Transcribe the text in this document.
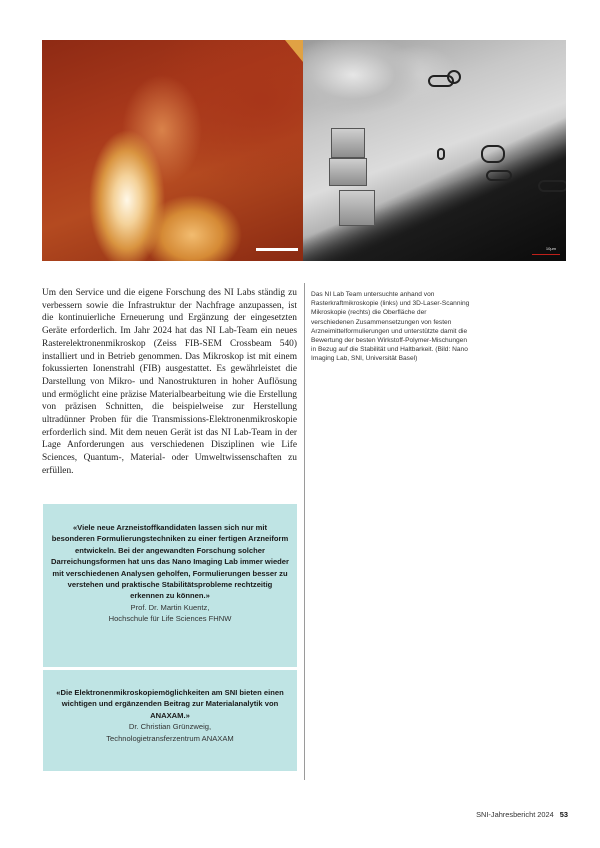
10µm
Um den Service und die eigene Forschung des NI Labs ständig zu verbessern sowie die Infrastruktur der Nachfrage anzupassen, ist die kontinuierliche Erneuerung und Ergänzung der eingesetzten Geräte erforderlich. Im Jahr 2024 hat das NI Lab-Team ein neues Rasterelektronenmikroskop (Zeiss FIB-SEM Crossbeam 540) installiert und in Betrieb genommen. Das Mikroskop ist mit einem fokussierten Ionenstrahl (FIB) ausgestattet. Es gewährleistet die Darstellung von Mikro- und Nanostrukturen in hoher Auflösung und ermöglicht eine präzise Materialbearbeitung wie die Erstellung von präzisen Schnitten, die beispielweise zur Herstellung ultradünner Proben für die Transmissions-Elektronenmikroskopie erforderlich sind. Mit dem neuen Gerät ist das NI Lab-Team in der Lage Anforderungen aus verschiedenen Disziplinen wie Life Sciences, Quantum-, Material- oder Umweltwissenschaften zu erfüllen.
Das NI Lab Team untersuchte anhand von Rasterkraftmikroskopie (links) und 3D-Laser-Scanning Mikroskopie (rechts) die Oberfläche der verschiedenen Zusammensetzungen von festen Arzneimittelformulierungen und unterstützte damit die Bewertung der besten Wirkstoff-Polymer-Mischungen in Bezug auf die Stabilität und Haltbarkeit. (Bild: Nano Imaging Lab, SNI, Universität Basel)
«Viele neue Arzneistoffkandidaten lassen sich nur mit besonderen Formulierungstechniken zu einer fertigen Arzneiform entwickeln. Bei der angewandten Forschung solcher Darreichungsformen hat uns das Nano Imaging Lab immer wieder mit verschiedenen Analysen geholfen, Formulierungen besser zu verstehen und praktische Stabilitätsprobleme rechtzeitig erkennen zu können.»
Prof. Dr. Martin Kuentz,
Hochschule für Life Sciences FHNW
«Die Elektronenmikroskopiemöglichkeiten am SNI bieten einen wichtigen und ergänzenden Beitrag zur Materialanalytik von ANAXAM.»
Dr. Christian Grünzweig,
Technologietransferzentrum ANAXAM
SNI-Jahresbericht 2024 53
